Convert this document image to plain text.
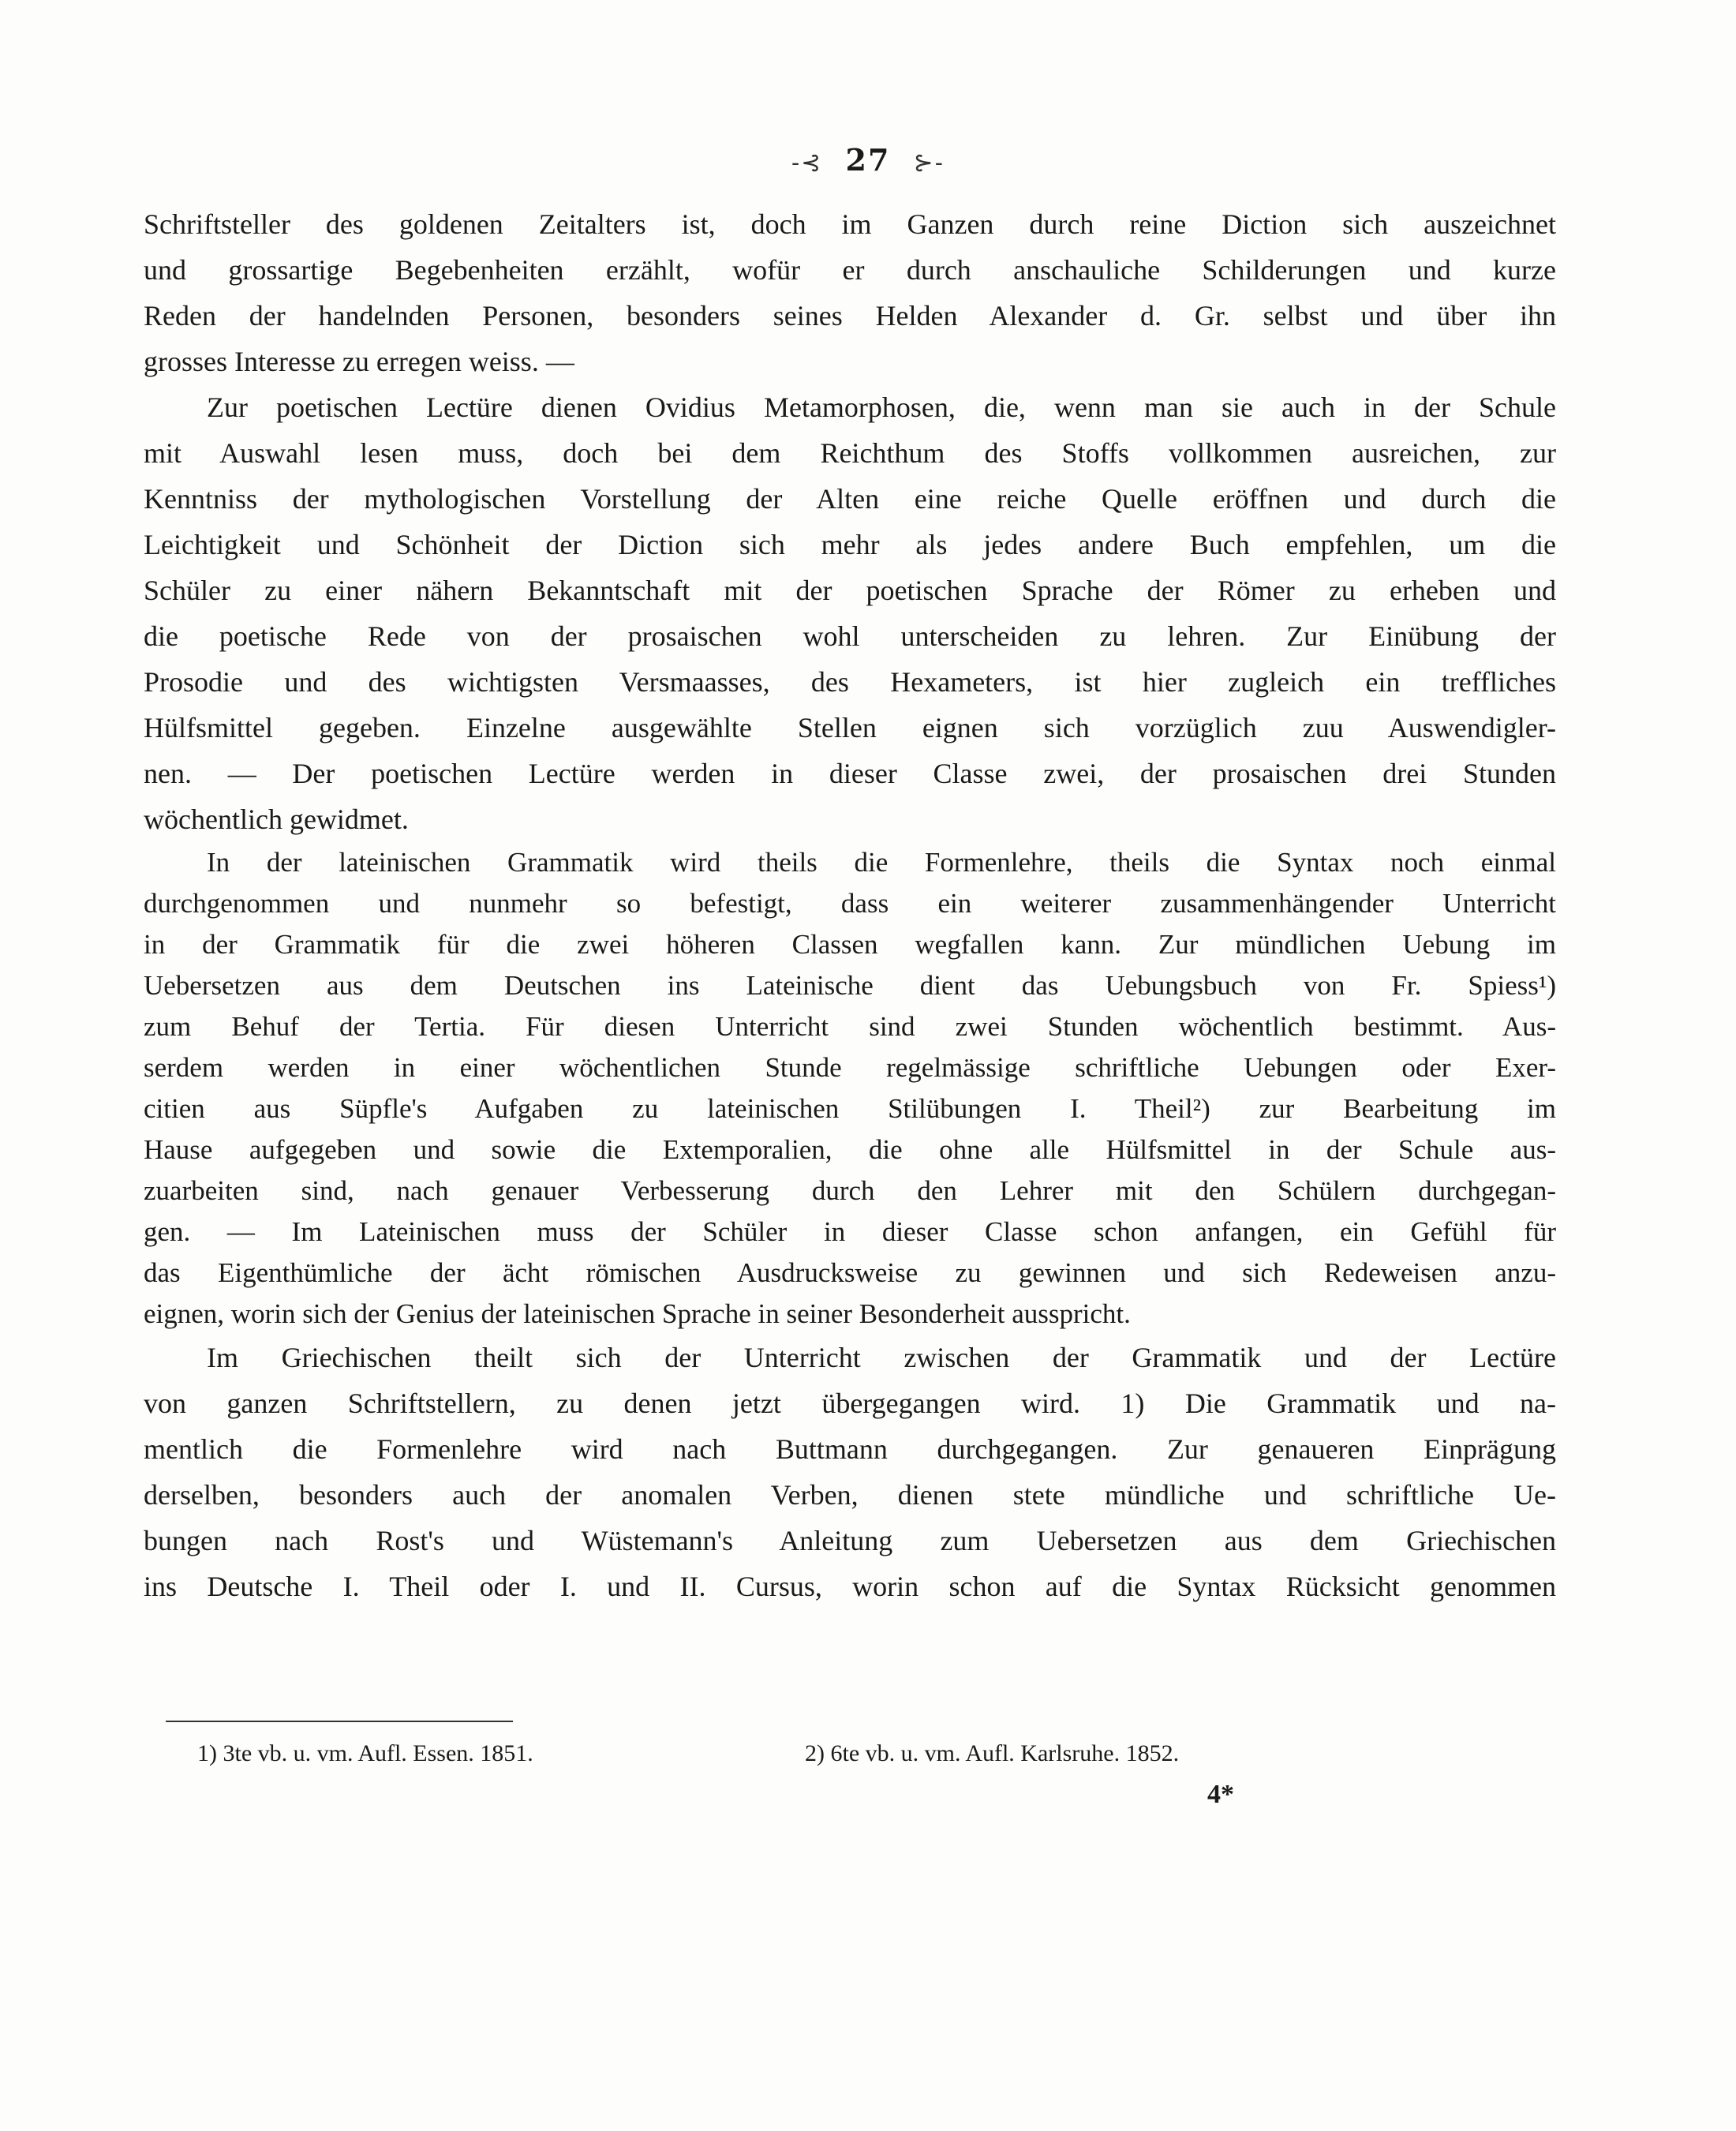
-⊰ 27 ⊱-
Schriftsteller des goldenen Zeitalters ist, doch im Ganzen durch reine Diction sich auszeichnet
und grossartige Begebenheiten erzählt, wofür er durch anschauliche Schilderungen und kurze
Reden der handelnden Personen, besonders seines Helden Alexander d. Gr. selbst und über ihn
grosses Interesse zu erregen weiss. —
Zur poetischen Lectüre dienen Ovidius Metamorphosen, die, wenn man sie auch in der Schule
mit Auswahl lesen muss, doch bei dem Reichthum des Stoffs vollkommen ausreichen, zur
Kenntniss der mythologischen Vorstellung der Alten eine reiche Quelle eröffnen und durch die
Leichtigkeit und Schönheit der Diction sich mehr als jedes andere Buch empfehlen, um die
Schüler zu einer nähern Bekanntschaft mit der poetischen Sprache der Römer zu erheben und
die poetische Rede von der prosaischen wohl unterscheiden zu lehren. Zur Einübung der
Prosodie und des wichtigsten Versmaasses, des Hexameters, ist hier zugleich ein treffliches
Hülfsmittel gegeben. Einzelne ausgewählte Stellen eignen sich vorzüglich zuu Auswendigler-
nen. — Der poetischen Lectüre werden in dieser Classe zwei, der prosaischen drei Stunden
wöchentlich gewidmet.
In der lateinischen Grammatik wird theils die Formenlehre, theils die Syntax noch einmal
durchgenommen und nunmehr so befestigt, dass ein weiterer zusammenhängender Unterricht
in der Grammatik für die zwei höheren Classen wegfallen kann. Zur mündlichen Uebung im
Uebersetzen aus dem Deutschen ins Lateinische dient das Uebungsbuch von Fr. Spiess¹)
zum Behuf der Tertia. Für diesen Unterricht sind zwei Stunden wöchentlich bestimmt. Aus-
serdem werden in einer wöchentlichen Stunde regelmässige schriftliche Uebungen oder Exer-
citien aus Süpfle's Aufgaben zu lateinischen Stilübungen I. Theil²) zur Bearbeitung im
Hause aufgegeben und sowie die Extemporalien, die ohne alle Hülfsmittel in der Schule aus-
zuarbeiten sind, nach genauer Verbesserung durch den Lehrer mit den Schülern durchgegan-
gen. — Im Lateinischen muss der Schüler in dieser Classe schon anfangen, ein Gefühl für
das Eigenthümliche der ächt römischen Ausdrucksweise zu gewinnen und sich Redeweisen anzu-
eignen, worin sich der Genius der lateinischen Sprache in seiner Besonderheit ausspricht.
Im Griechischen theilt sich der Unterricht zwischen der Grammatik und der Lectüre
von ganzen Schriftstellern, zu denen jetzt übergegangen wird. 1) Die Grammatik und na-
mentlich die Formenlehre wird nach Buttmann durchgegangen. Zur genaueren Einprägung
derselben, besonders auch der anomalen Verben, dienen stete mündliche und schriftliche Ue-
bungen nach Rost's und Wüstemann's Anleitung zum Uebersetzen aus dem Griechischen
ins Deutsche I. Theil oder I. und II. Cursus, worin schon auf die Syntax Rücksicht genommen
1) 3te vb. u. vm. Aufl. Essen. 1851.	2) 6te vb. u. vm. Aufl. Karlsruhe. 1852.
4*
